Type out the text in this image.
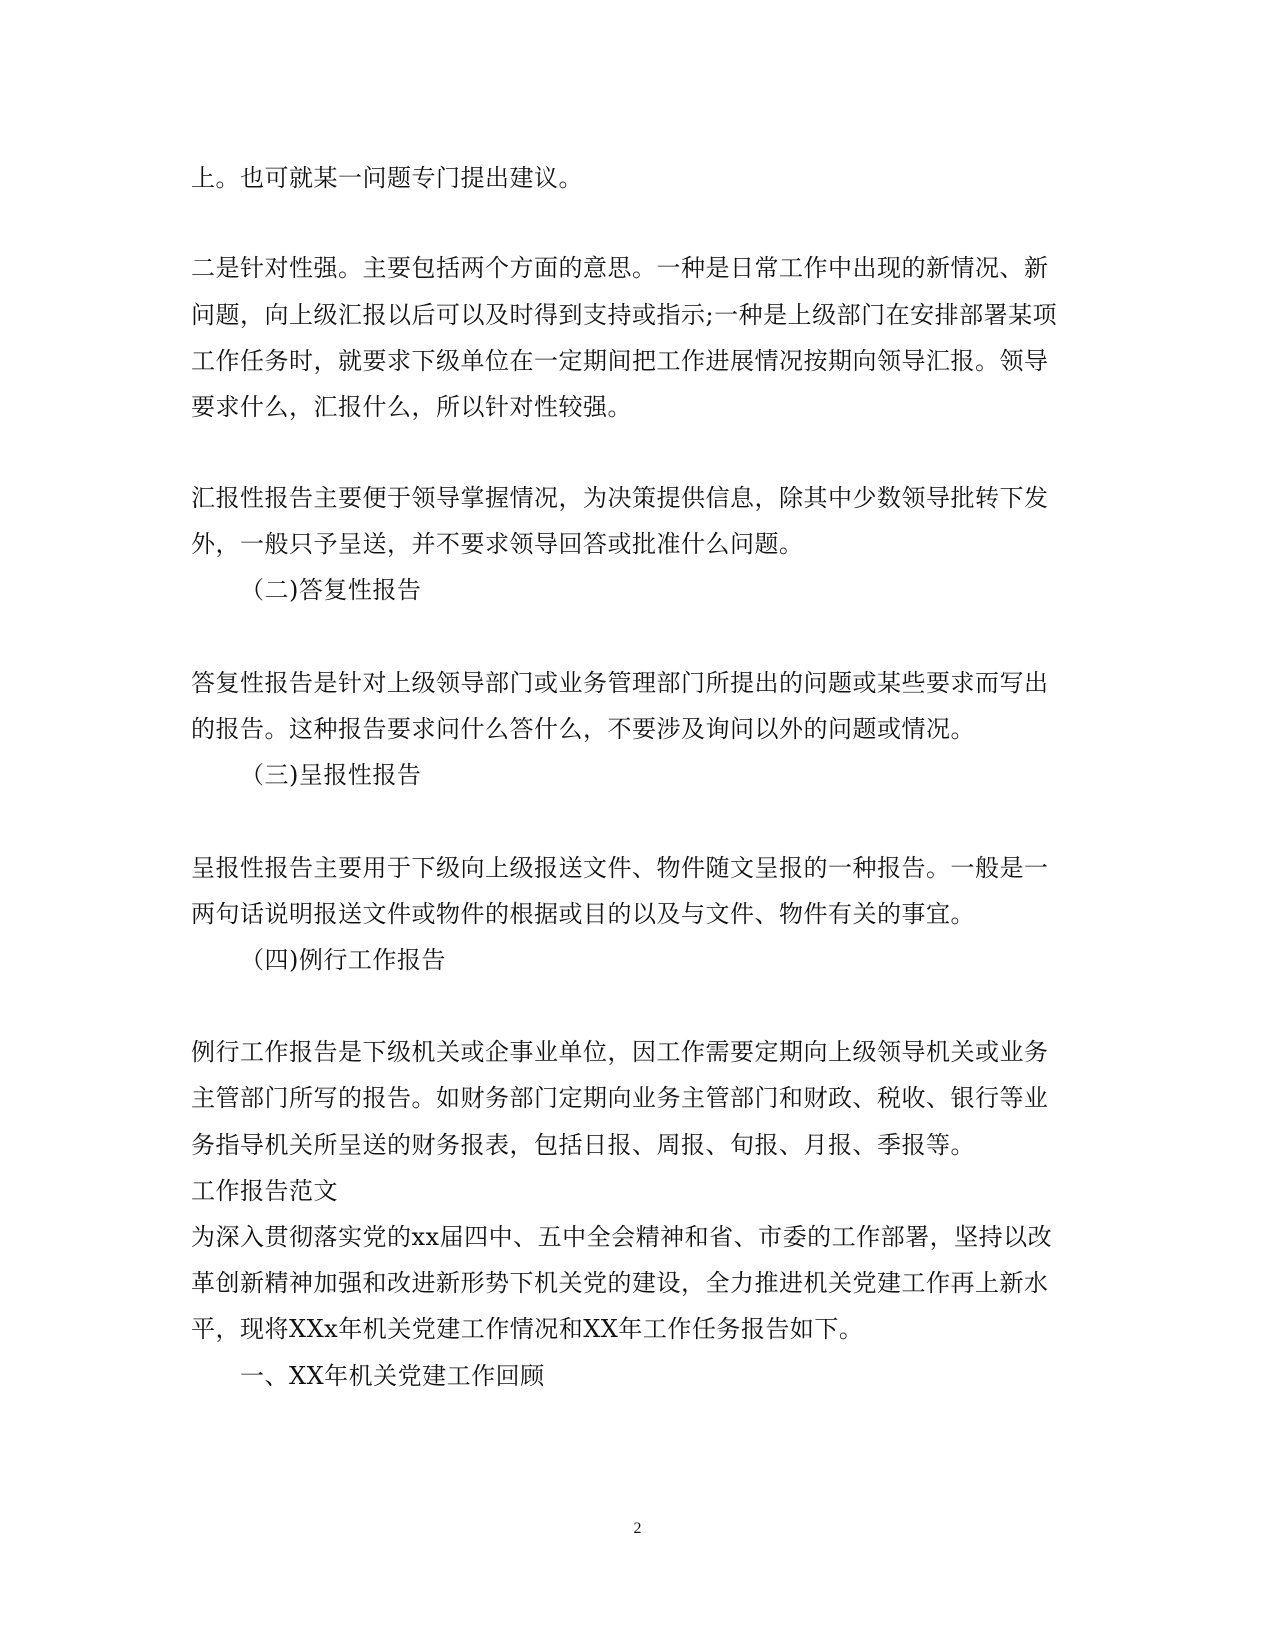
上。也可就某一问题专门提出建议。
二是针对性强。主要包括两个方面的意思。一种是日常工作中出现的新情况、新
问题，向上级汇报以后可以及时得到支持或指示;一种是上级部门在安排部署某项
工作任务时，就要求下级单位在一定期间把工作进展情况按期向领导汇报。领导
要求什么，汇报什么，所以针对性较强。
汇报性报告主要便于领导掌握情况，为决策提供信息，除其中少数领导批转下发
外，一般只予呈送，并不要求领导回答或批准什么问题。
（二)答复性报告
答复性报告是针对上级领导部门或业务管理部门所提出的问题或某些要求而写出
的报告。这种报告要求问什么答什么，不要涉及询问以外的问题或情况。
（三)呈报性报告
呈报性报告主要用于下级向上级报送文件、物件随文呈报的一种报告。一般是一
两句话说明报送文件或物件的根据或目的以及与文件、物件有关的事宜。
（四)例行工作报告
例行工作报告是下级机关或企事业单位，因工作需要定期向上级领导机关或业务
主管部门所写的报告。如财务部门定期向业务主管部门和财政、税收、银行等业
务指导机关所呈送的财务报表，包括日报、周报、旬报、月报、季报等。
工作报告范文
为深入贯彻落实党的xx届四中、五中全会精神和省、市委的工作部署，坚持以改
革创新精神加强和改进新形势下机关党的建设，全力推进机关党建工作再上新水
平，现将XXx年机关党建工作情况和XX年工作任务报告如下。
一、XX年机关党建工作回顾
2
